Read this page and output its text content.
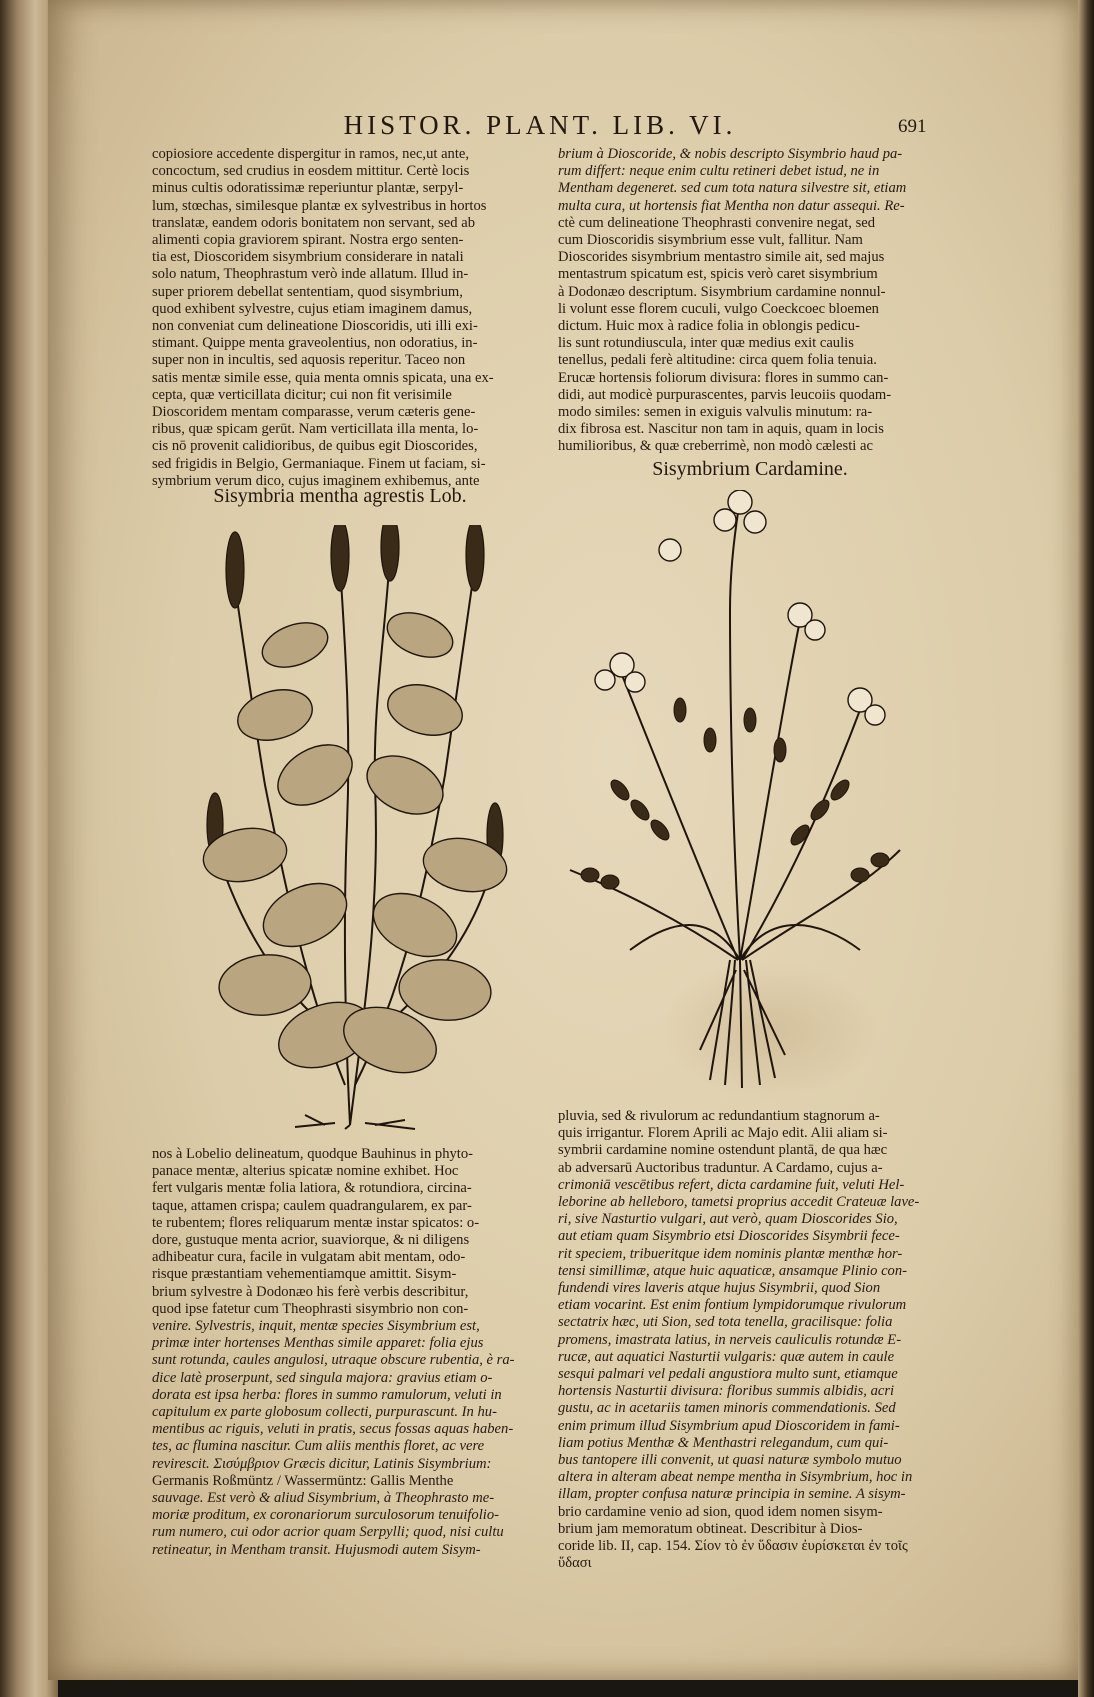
HISTOR. PLANT. LIB. VI.	691

copiosiore accedente dispergitur in ramos, nec,ut ante,

concoctum, sed crudius in eosdem mittitur. Certè locis

minus cultis odoratissimæ reperiuntur plantæ, serpyl-

lum, stœchas, similesque plantæ ex sylvestribus in hortos

translatæ, eandem odoris bonitatem non servant, sed ab

alimenti copia graviorem spirant. Nostra ergo senten-

tia est, Dioscoridem sisymbrium considerare in natali

solo natum, Theophrastum verò inde allatum. Illud in-

super priorem debellat sententiam, quod sisymbrium,

quod exhibent sylvestre, cujus etiam imaginem damus,

non conveniat cum delineatione Dioscoridis, uti illi exi-

stimant. Quippe menta graveolentius, non odoratius, in-

super non in incultis, sed aquosis reperitur. Taceo non

satis mentæ simile esse, quia menta omnis spicata, una ex-

cepta, quæ verticillata dicitur; cui non fit verisimile

Dioscoridem mentam comparasse, verum cæteris gene-

ribus, quæ spicam gerūt. Nam verticillata illa menta, lo-

cis nō provenit calidioribus, de quibus egit Dioscorides,

sed frigidis in Belgio, Germaniaque. Finem ut faciam, si-

symbrium verum dico, cujus imaginem exhibemus, ante

Sisymbria mentha agrestis Lob.

nos à Lobelio delineatum, quodque Bauhinus in phyto-

panace mentæ, alterius spicatæ nomine exhibet. Hoc

fert vulgaris mentæ folia latiora, & rotundiora, circina-

taque, attamen crispa; caulem quadrangularem, ex par-

te rubentem; flores reliquarum mentæ instar spicatos: o-

dore, gustuque menta acrior, suaviorque, & ni diligens

adhibeatur cura, facile in vulgatam abit mentam, odo-

risque præstantiam vehementiamque amittit. Sisym-

brium sylvestre à Dodonæo his ferè verbis describitur,

quod ipse fatetur cum Theophrasti sisymbrio non con-

venire. Sylvestris, inquit, mentæ species Sisymbrium est,

primæ inter hortenses Menthas simile apparet: folia ejus

sunt rotunda, caules angulosi, utraque obscure rubentia, è ra-

dice latè proserpunt, sed singula majora: gravius etiam o-

dorata est ipsa herba: flores in summo ramulorum, veluti in

capitulum ex parte globosum collecti, purpurascunt. In hu-

mentibus ac riguis, veluti in pratis, secus fossas aquas haben-

tes, ac flumina nascitur. Cum aliis menthis floret, ac vere

revirescit. Σισύμβριον Græcis dicitur, Latinis Sisymbrium:

Germanis Roßmüntz / Wassermüntz: Gallis Menthe

sauvage. Est verò & aliud Sisymbrium, à Theophrasto me-

moriæ proditum, ex coronariorum surculosorum tenuifolio-

rum numero, cui odor acrior quam Serpylli; quod, nisi cultu

retineatur, in Mentham transit. Hujusmodi autem Sisym-

brium à Dioscoride, & nobis descripto Sisymbrio haud pa-

rum differt: neque enim cultu retineri debet istud, ne in

Mentham degeneret. sed cum tota natura silvestre sit, etiam

multa cura, ut hortensis fiat Mentha non datur assequi. Re-

ctè cum delineatione Theophrasti convenire negat, sed

cum Dioscoridis sisymbrium esse vult, fallitur. Nam

Dioscorides sisymbrium mentastro simile ait, sed majus

mentastrum spicatum est, spicis verò caret sisymbrium

à Dodonæo descriptum. Sisymbrium cardamine nonnul-

li volunt esse florem cuculi, vulgo Coeckcoec bloemen

dictum. Huic mox à radice folia in oblongis pedicu-

lis sunt rotundiuscula, inter quæ medius exit caulis

tenellus, pedali ferè altitudine: circa quem folia tenuia.

Erucæ hortensis foliorum divisura: flores in summo can-

didi, aut modicè purpurascentes, parvis leucoiis quodam-

modo similes: semen in exiguis valvulis minutum: ra-

dix fibrosa est. Nascitur non tam in aquis, quam in locis

humilioribus, & quæ creberrimè, non modò cælesti ac

Sisymbrium Cardamine.

pluvia, sed & rivulorum ac redundantium stagnorum a-

quis irrigantur. Florem Aprili ac Majo edit. Alii aliam si-

symbrii cardamine nomine ostendunt plantā, de qua hæc

ab adversarū Auctoribus traduntur. A Cardamo, cujus a-

crimoniā vescētibus refert, dicta cardamine fuit, veluti Hel-

leborine ab helleboro, tametsi proprius accedit Crateuæ lave-

ri, sive Nasturtio vulgari, aut verò, quam Dioscorides Sio,

aut etiam quam Sisymbrio etsi Dioscorides Sisymbrii fece-

rit speciem, tribueritque idem nominis plantæ menthæ hor-

tensi simillimæ, atque huic aquaticæ, ansamque Plinio con-

fundendi vires laveris atque hujus Sisymbrii, quod Sion

etiam vocarint. Est enim fontium lympidorumque rivulorum

sectatrix hæc, uti Sion, sed tota tenella, gracilisque: folia

promens, imastrata latius, in nerveis cauliculis rotundæ E-

rucæ, aut aquatici Nasturtii vulgaris: quæ autem in caule

sesqui palmari vel pedali angustiora multo sunt, etiamque

hortensis Nasturtii divisura: floribus summis albidis, acri

gustu, ac in acetariis tamen minoris commendationis. Sed

enim primum illud Sisymbrium apud Dioscoridem in fami-

liam potius Menthæ & Menthastri relegandum, cum qui-

bus tantopere illi convenit, ut quasi naturæ symbolo mutuo

altera in alteram abeat nempe mentha in Sisymbrium, hoc in

illam, propter confusa naturæ principia in semine. A sisym-

brio cardamine venio ad sion, quod idem nomen sisym-

brium jam memoratum obtineat. Describitur à Dios-

coride lib. II, cap. 154. Σίον τὸ ἐν ὕδασιν ἐυρίσκεται ἐν τοῖς

ὕδασι
